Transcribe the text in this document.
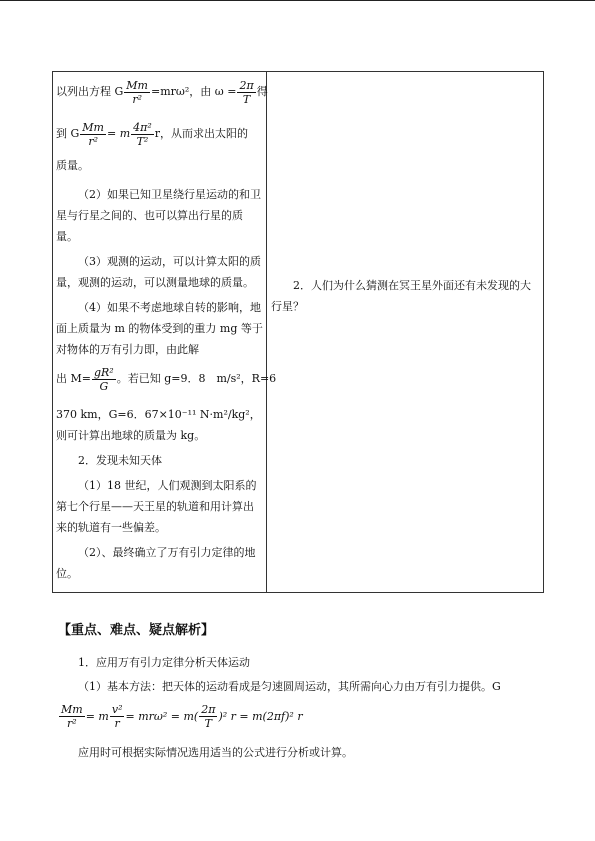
以列出方程 G $\frac{Mm}{\text{r²}} =mr\omega^2$，由 $\omega = \frac{2\pi}{T}$ 得
到 G $\frac{Mm}{\text{r²}} = m \frac{\text{4π²}}{\text{T²}}$ r，从而求出太阳的

质量。

（2）如果已知卫星绕行星运动的和卫星与行星之间的、也可以算出行星的质量。

（3）观测的运动，可以计算太阳的质量，观测的运动，可以测量地球的质量。

（4）如果不考虑地球自转的影响，地面上质量为 m 的物体受到的重力 mg 等于对物体的万有引力即，由此解

出 $M= \frac{\text{gR²}}{G}$ 。若已知 g=9．8　m/s²，R=6

370 km，G=6．67×10⁻¹¹ N·m²/kg²，则可计算出地球的质量为 kg。

2．发现未知天体

（1）18 世纪，人们观测到太阳系的第七个行星——天王星的轨道和用计算出来的轨道有一些偏差。

（2）、最终确立了万有引力定律的地位。

2．人们为什么猜测在冥王星外面还有未发现的大行星？

【重点、难点、疑点解析】

1．应用万有引力定律分析天体运动

（1）基本方法：把天体的运动看成是匀速圆周运动，其所需向心力由万有引力提供。G

$\frac{Mm}{\text{r²}} = m \frac{\text{v²}}{r} = mr\omega^2 = m( \frac{2\pi}{T} )^2$ r = m(2πf)² r

应用时可根据实际情况选用适当的公式进行分析或计算。
